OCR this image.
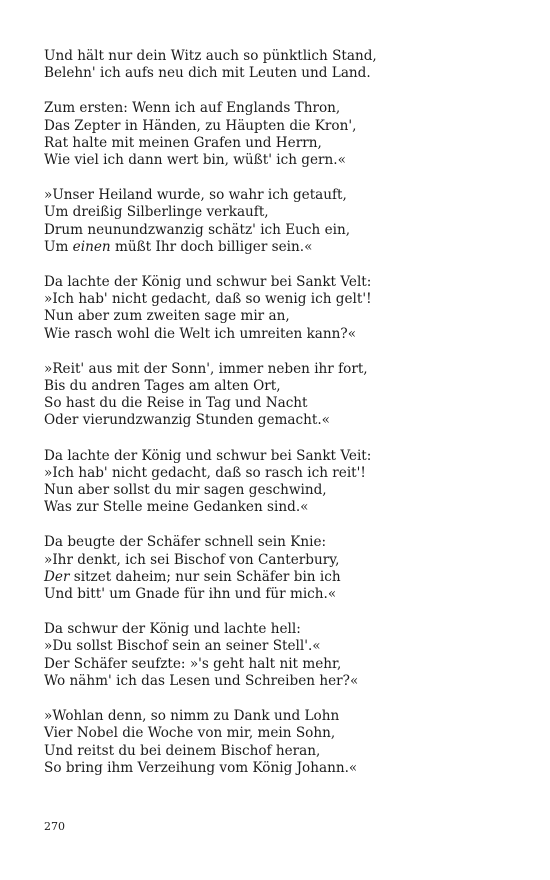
Und hält nur dein Witz auch so pünktlich Stand,
Belehn' ich aufs neu dich mit Leuten und Land.
Zum ersten: Wenn ich auf Englands Thron,
Das Zepter in Händen, zu Häupten die Kron',
Rat halte mit meinen Grafen und Herrn,
Wie viel ich dann wert bin, wüßt' ich gern.«
»Unser Heiland wurde, so wahr ich getauft,
Um dreißig Silberlinge verkauft,
Drum neunundzwanzig schätz' ich Euch ein,
Um einen müßt Ihr doch billiger sein.«
Da lachte der König und schwur bei Sankt Velt:
»Ich hab' nicht gedacht, daß so wenig ich gelt'!
Nun aber zum zweiten sage mir an,
Wie rasch wohl die Welt ich umreiten kann?«
»Reit' aus mit der Sonn', immer neben ihr fort,
Bis du andren Tages am alten Ort,
So hast du die Reise in Tag und Nacht
Oder vierundzwanzig Stunden gemacht.«
Da lachte der König und schwur bei Sankt Veit:
»Ich hab' nicht gedacht, daß so rasch ich reit'!
Nun aber sollst du mir sagen geschwind,
Was zur Stelle meine Gedanken sind.«
Da beugte der Schäfer schnell sein Knie:
»Ihr denkt, ich sei Bischof von Canterbury,
Der sitzet daheim; nur sein Schäfer bin ich
Und bitt' um Gnade für ihn und für mich.«
Da schwur der König und lachte hell:
»Du sollst Bischof sein an seiner Stell'.«
Der Schäfer seufzte: »'s geht halt nit mehr,
Wo nähm' ich das Lesen und Schreiben her?«
»Wohlan denn, so nimm zu Dank und Lohn
Vier Nobel die Woche von mir, mein Sohn,
Und reitst du bei deinem Bischof heran,
So bring ihm Verzeihung vom König Johann.«
270
